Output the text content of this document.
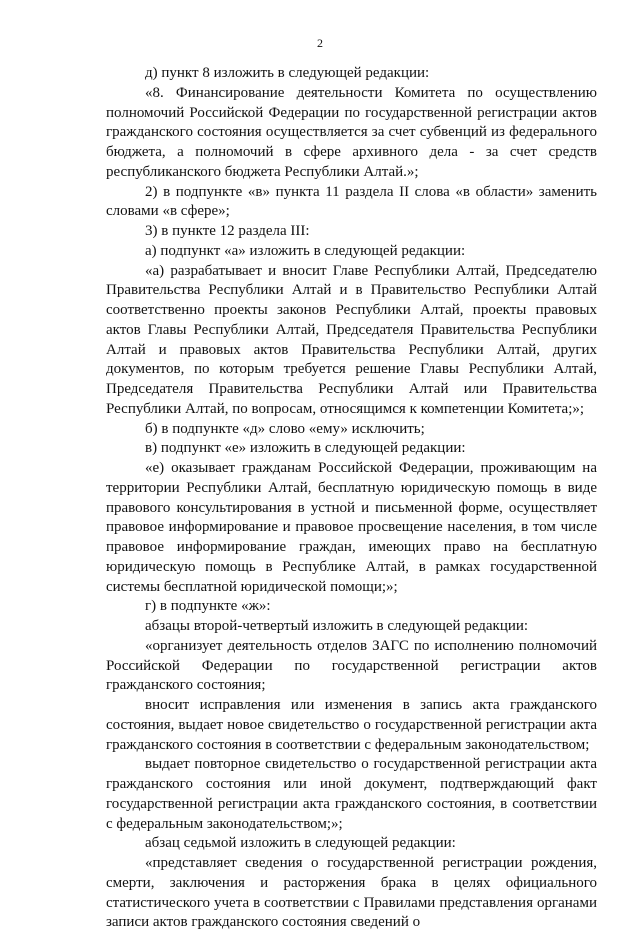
2

д) пункт 8 изложить в следующей редакции:

«8. Финансирование деятельности Комитета по осуществлению полномочий Российской Федерации по государственной регистрации актов гражданского состояния осуществляется за счет субвенций из федерального бюджета, а полномочий в сфере архивного дела - за счет средств республиканского бюджета Республики Алтай.»;

2) в подпункте «в» пункта 11 раздела II слова «в области» заменить словами «в сфере»;

3) в пункте 12 раздела III:

а) подпункт «а» изложить в следующей редакции:

«а) разрабатывает и вносит Главе Республики Алтай, Председателю Правительства Республики Алтай и в Правительство Республики Алтай соответственно проекты законов Республики Алтай, проекты правовых актов Главы Республики Алтай, Председателя Правительства Республики Алтай и правовых актов Правительства Республики Алтай, других документов, по которым требуется решение Главы Республики Алтай, Председателя Правительства Республики Алтай или Правительства Республики Алтай, по вопросам, относящимся к компетенции Комитета;»;

б) в подпункте «д» слово «ему» исключить;

в) подпункт «е» изложить в следующей редакции:

«е) оказывает гражданам Российской Федерации, проживающим на территории Республики Алтай, бесплатную юридическую помощь в виде правового консультирования в устной и письменной форме, осуществляет правовое информирование и правовое просвещение населения, в том числе правовое информирование граждан, имеющих право на бесплатную юридическую помощь в Республике Алтай, в рамках государственной системы бесплатной юридической помощи;»;

г) в подпункте «ж»:

абзацы второй-четвертый изложить в следующей редакции:

«организует деятельность отделов ЗАГС по исполнению полномочий Российской Федерации по государственной регистрации актов гражданского состояния;

вносит исправления или изменения в запись акта гражданского состояния, выдает новое свидетельство о государственной регистрации акта гражданского состояния в соответствии с федеральным законодательством;

выдает повторное свидетельство о государственной регистрации акта гражданского состояния или иной документ, подтверждающий факт государственной регистрации акта гражданского состояния, в соответствии с федеральным законодательством;»;

абзац седьмой изложить в следующей редакции:

«представляет сведения о государственной регистрации рождения, смерти, заключения и расторжения брака в целях официального статистического учета в соответствии с Правилами представления органами записи актов гражданского состояния сведений о
